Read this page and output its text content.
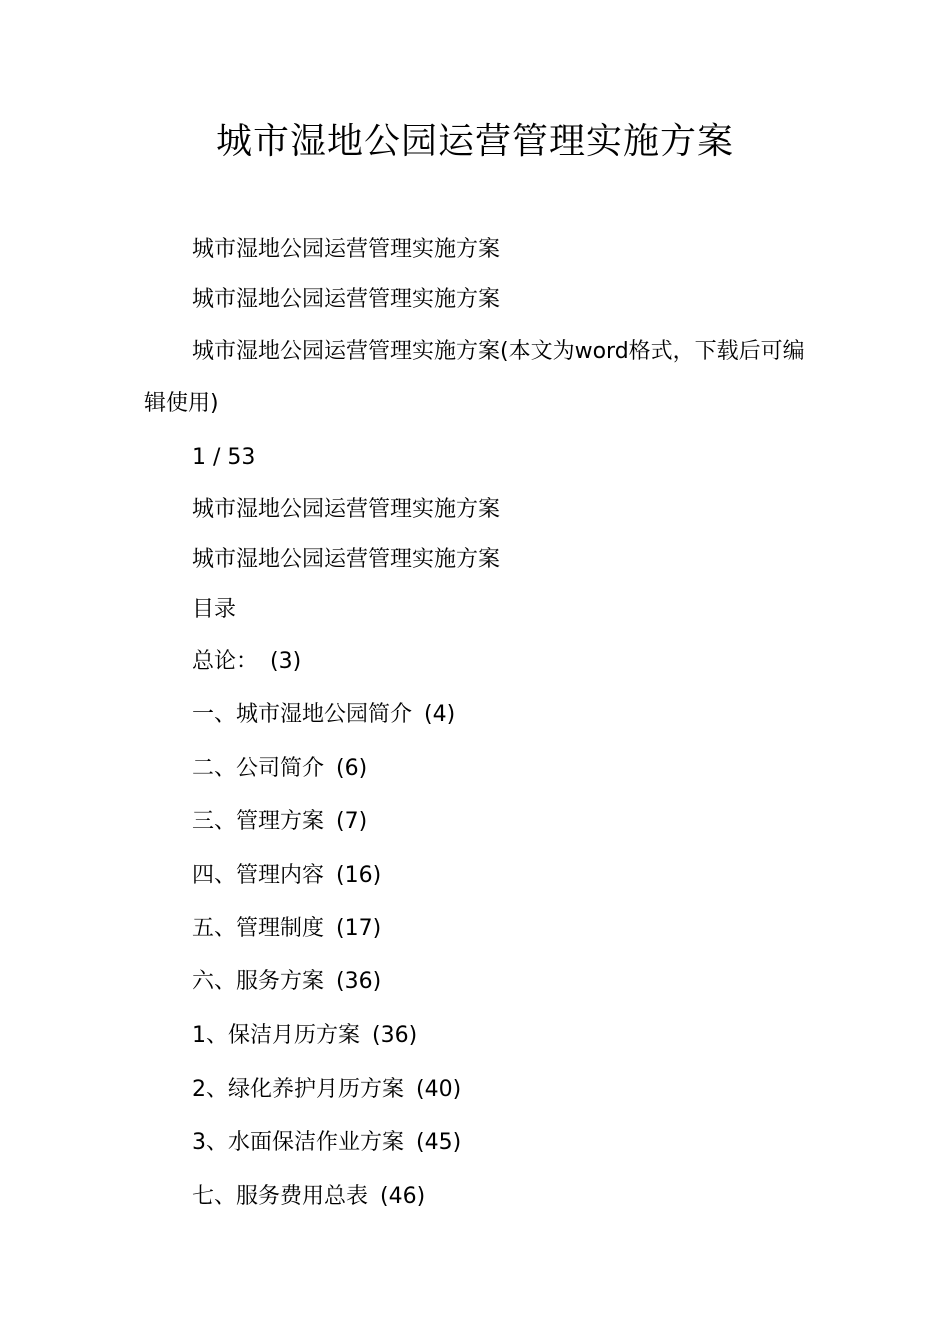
城市湿地公园运营管理实施方案

城市湿地公园运营管理实施方案

城市湿地公园运营管理实施方案

城市湿地公园运营管理实施方案(本文为word格式，下载后可编辑使用)

1 / 53

城市湿地公园运营管理实施方案

城市湿地公园运营管理实施方案

目录

总论： (3)

一、城市湿地公园简介 (4)

二、公司简介 (6)

三、管理方案 (7)

四、管理内容 (16)

五、管理制度 (17)

六、服务方案 (36)

1、保洁月历方案 (36)

2、绿化养护月历方案 (40)

3、水面保洁作业方案 (45)

七、服务费用总表 (46)
